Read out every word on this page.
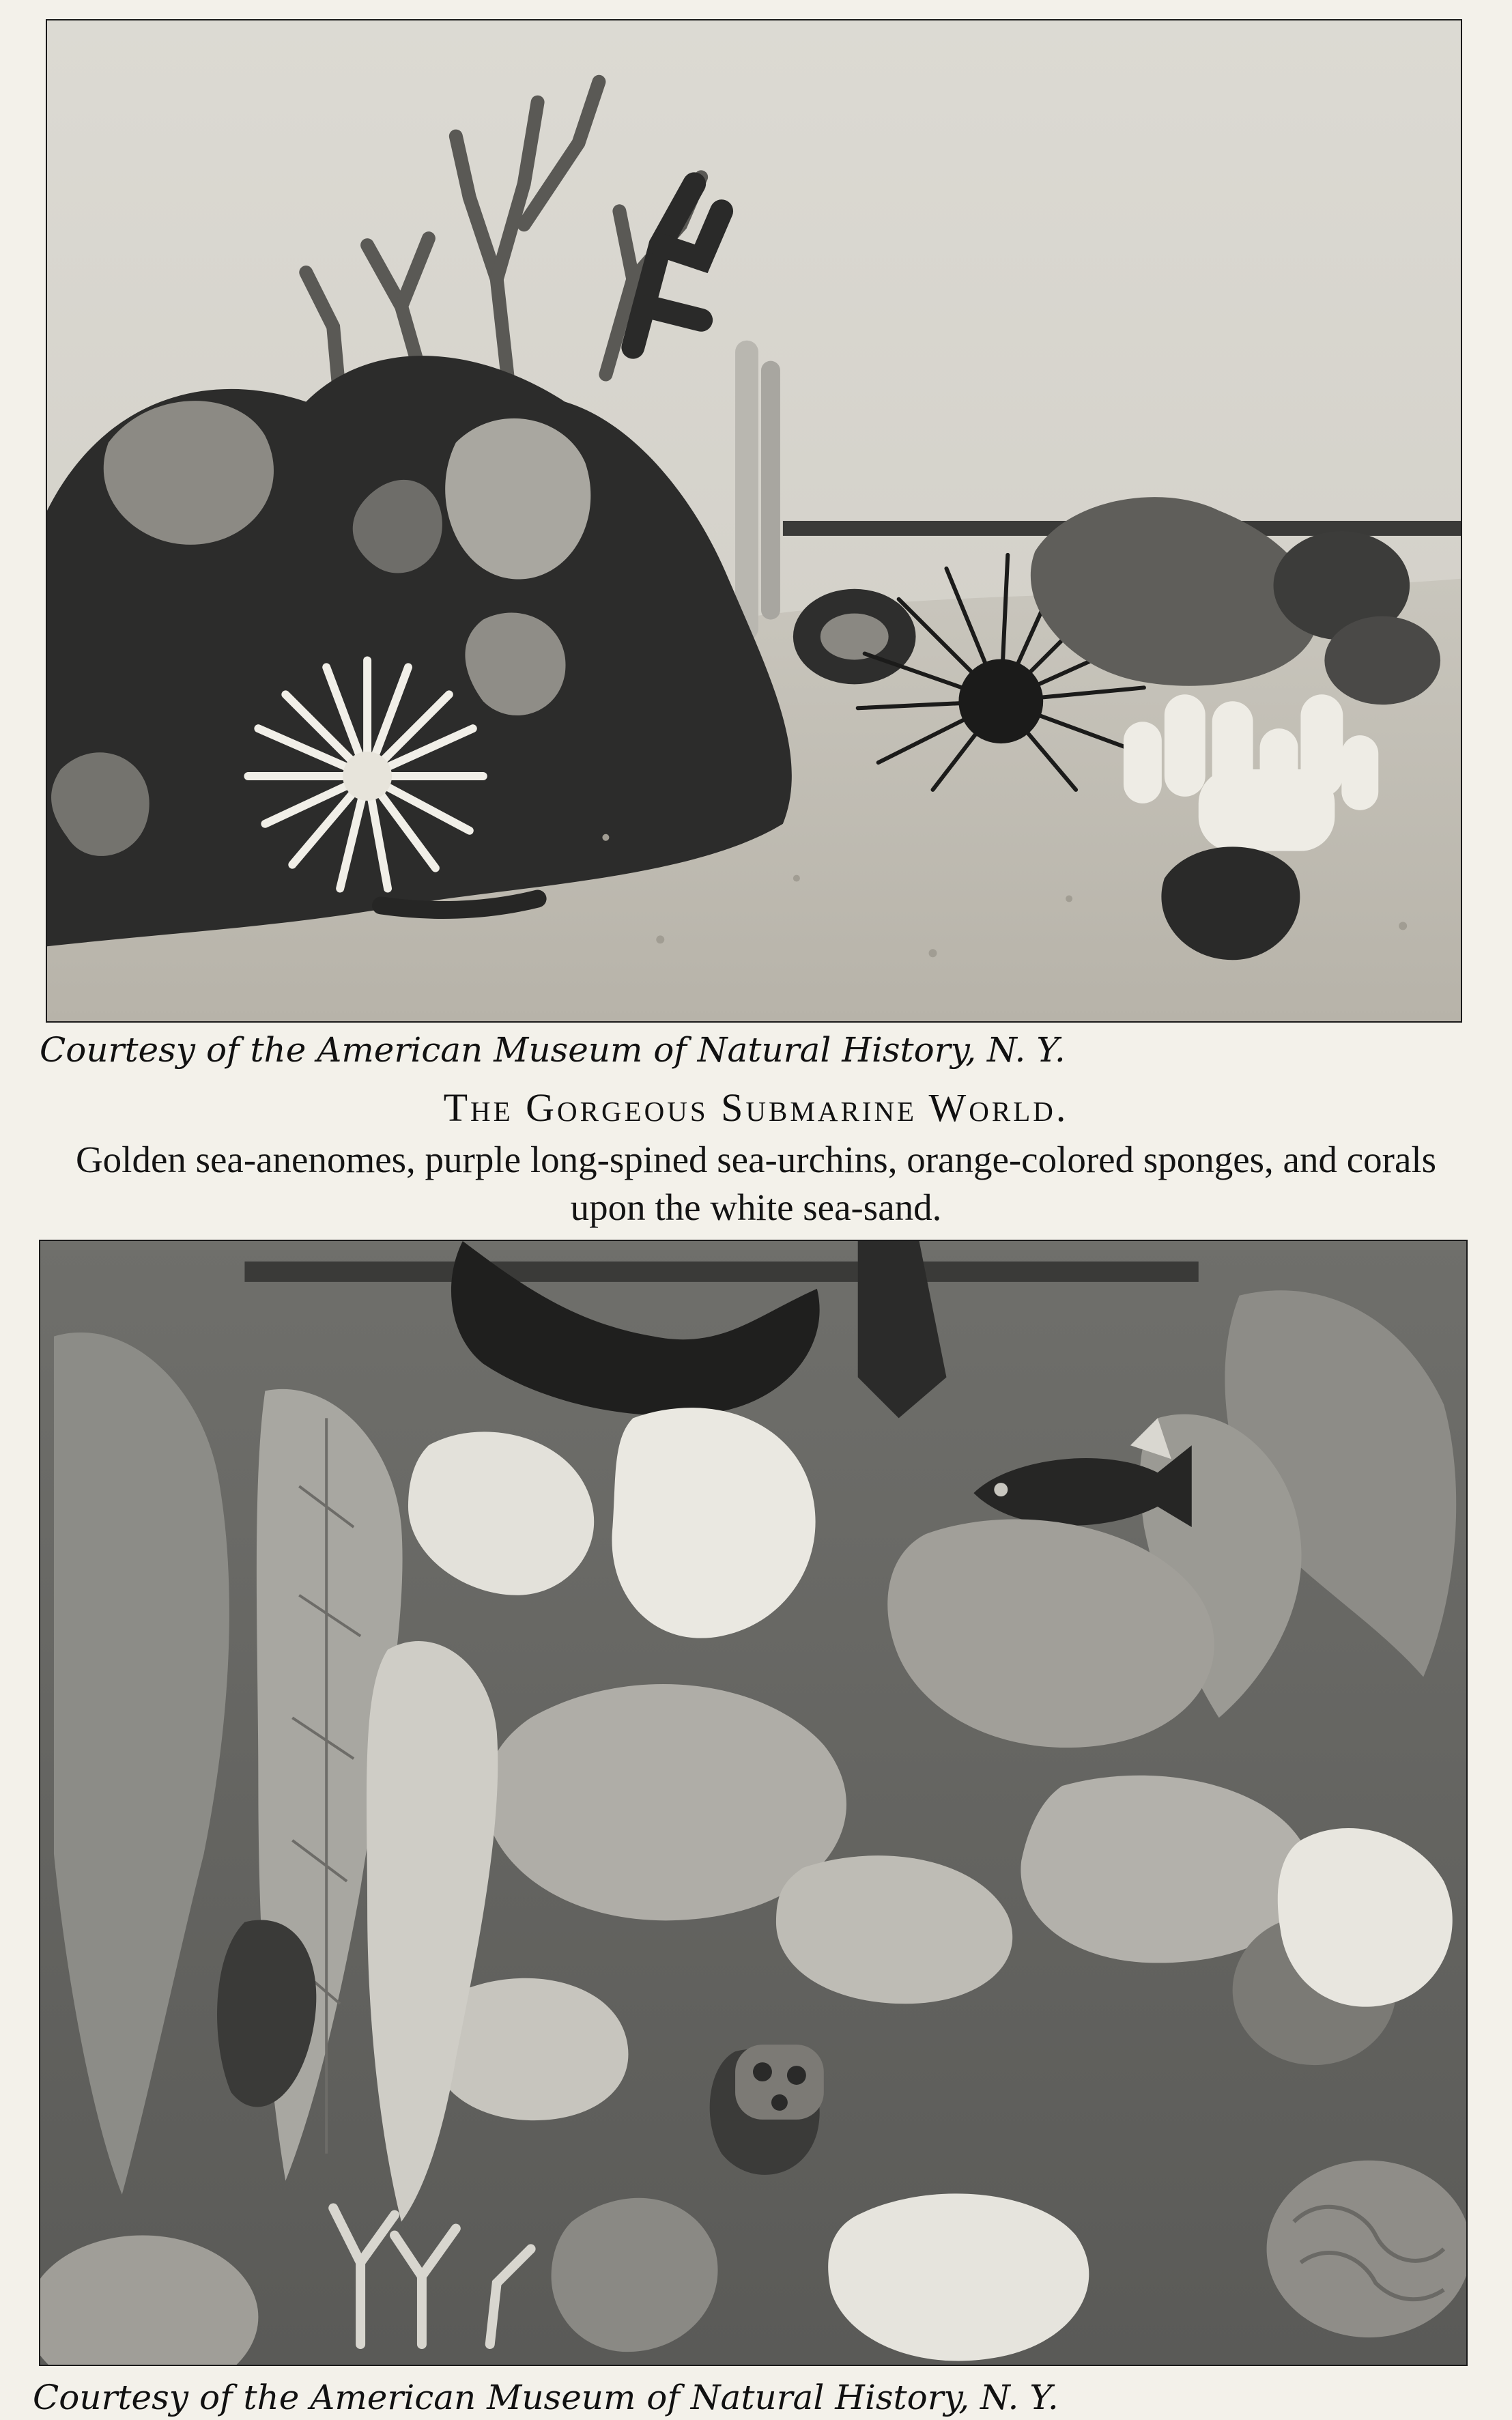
Courtesy of the American Museum of Natural History, N. Y.
The Gorgeous Submarine World.
Golden sea-anenomes, purple long-spined sea-urchins, orange-colored sponges, and corals upon the white sea-sand.
Courtesy of the American Museum of Natural History, N. Y.
